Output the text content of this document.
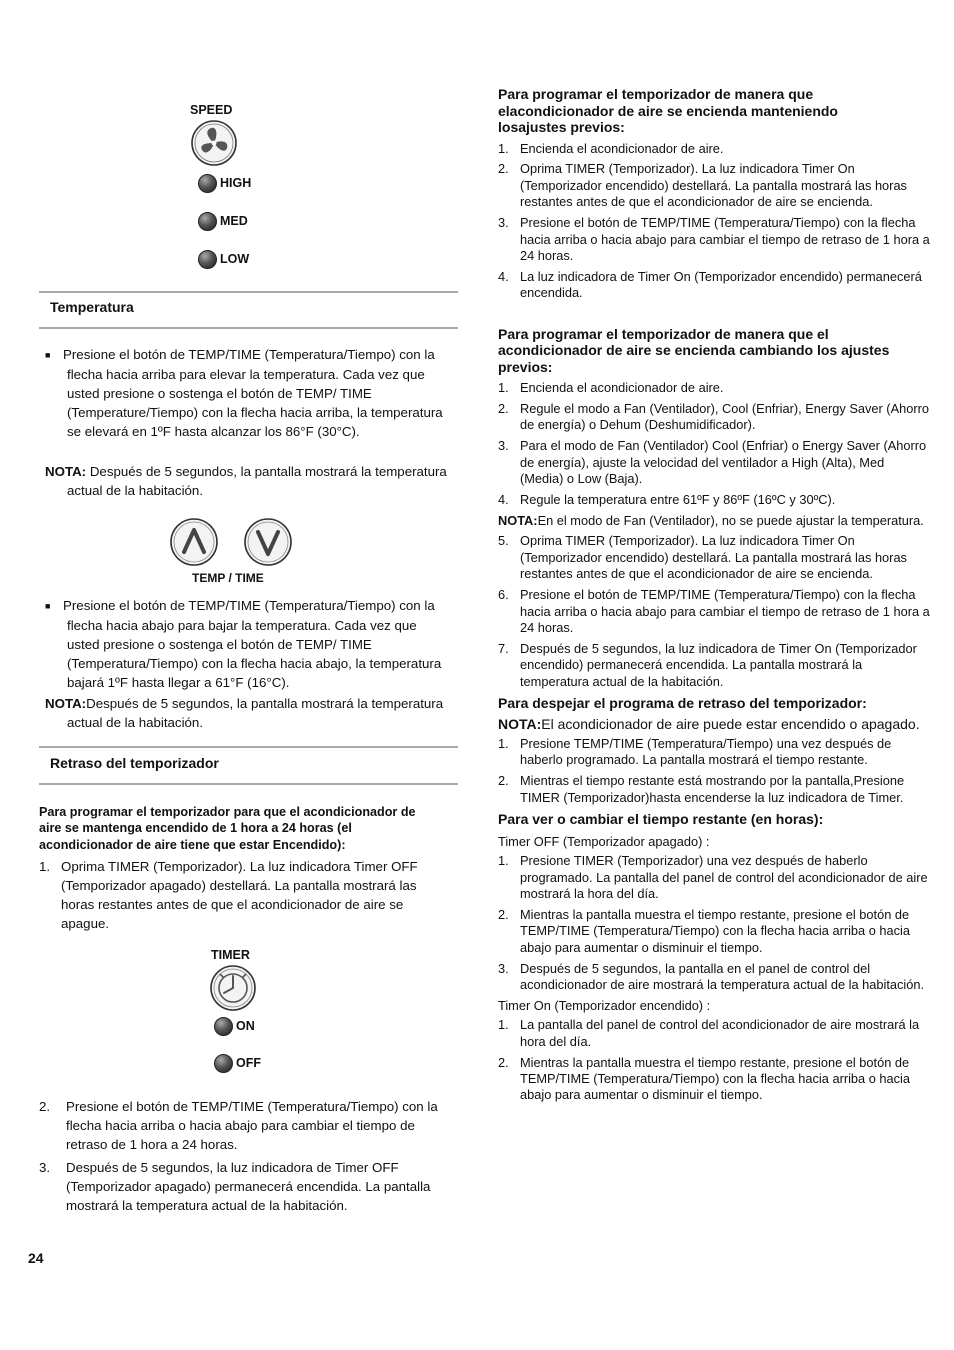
SPEED
HIGH
MED
LOW
Temperatura
■ Presione el botón de TEMP/TIME (Temperatura/Tiempo) con la flecha hacia arriba para elevar la temperatura. Cada vez que usted presione o sostenga el botón de TEMP/ TIME (Temperature/Tiempo) con la flecha hacia arriba, la temperatura se elevará en 1ºF hasta alcanzar los 86°F (30°C).
NOTA: Después de 5 segundos, la pantalla mostrará la temperatura actual de la habitación.
TEMP / TIME
■ Presione el botón de TEMP/TIME (Temperatura/Tiempo) con la flecha hacia abajo para bajar la temperatura. Cada vez que usted presione o sostenga el botón de TEMP/ TIME (Temperatura/Tiempo) con la flecha hacia abajo, la temperatura bajará 1ºF hasta llegar a 61°F (16°C).
NOTA:Después de 5 segundos, la pantalla mostrará la temperatura actual de la habitación.
Retraso del temporizador
Para programar el temporizador para que el acondicionador de aire se mantenga encendido de 1 hora a 24 horas (el acondicionador de aire tiene que estar Encendido):
1. Oprima TIMER (Temporizador). La luz indicadora Timer OFF (Temporizador apagado) destellará. La pantalla mostrará las horas restantes antes de que el acondicionador de aire se apague.
TIMER
ON
OFF
2. Presione el botón de TEMP/TIME (Temperatura/Tiempo) con la flecha hacia arriba o hacia abajo para cambiar el tiempo de retraso de 1 hora a 24 horas.
3. Después de 5 segundos, la luz indicadora de Timer OFF (Temporizador apagado) permanecerá encendida. La pantalla mostrará la temperatura actual de la habitación.
24
Para programar el temporizador de manera que elacondicionador de aire se encienda manteniendo losajustes previos:
1. Encienda el acondicionador de aire.
2. Oprima TIMER (Temporizador). La luz indicadora Timer On (Temporizador encendido) destellará. La pantalla mostrará las horas restantes antes de que el acondicionador de aire se encienda.
3. Presione el botón de TEMP/TIME (Temperatura/Tiempo) con la flecha hacia arriba o hacia abajo para cambiar el tiempo de retraso de 1 hora a 24 horas.
4. La luz indicadora de Timer On (Temporizador encendido) permanecerá encendida.
Para programar el temporizador de manera que el acondicionador de aire se encienda cambiando los ajustes previos:
1. Encienda el acondicionador de aire.
2. Regule el modo a Fan (Ventilador), Cool (Enfriar), Energy Saver (Ahorro de energía) o Dehum (Deshumidificador).
3. Para el modo de Fan (Ventilador) Cool (Enfriar) o Energy Saver (Ahorro de energía), ajuste la velocidad del ventilador a High (Alta), Med (Media) o Low (Baja).
4. Regule la temperatura entre 61ºF y 86ºF (16ºC y 30ºC).
NOTA:En el modo de Fan (Ventilador), no se puede ajustar la temperatura.
5. Oprima TIMER (Temporizador). La luz indicadora Timer On (Temporizador encendido) destellará. La pantalla mostrará las horas restantes antes de que el acondicionador de aire se encienda.
6. Presione el botón de TEMP/TIME (Temperatura/Tiempo) con la flecha hacia arriba o hacia abajo para cambiar el tiempo de retraso de 1 hora a 24 horas.
7. Después de 5 segundos, la luz indicadora de Timer On (Temporizador encendido) permanecerá encendida. La pantalla mostrará la temperatura actual de la habitación.
Para despejar el programa de retraso del temporizador:
NOTA:El acondicionador de aire puede estar encendido o apagado.
1. Presione TEMP/TIME (Temperatura/Tiempo) una vez después de haberlo programado. La pantalla mostrará el tiempo restante.
2. Mientras el tiempo restante está mostrando por la pantalla,Presione TIMER (Temporizador)hasta encenderse la luz indicadora de Timer.
Para ver o cambiar el tiempo restante (en horas):
Timer OFF (Temporizador apagado) :
1. Presione TIMER (Temporizador) una vez después de haberlo programado. La pantalla del panel de control del acondicionador de aire mostrará la hora del día.
2. Mientras la pantalla muestra el tiempo restante, presione el botón de TEMP/TIME (Temperatura/Tiempo) con la flecha hacia arriba o hacia abajo para aumentar o disminuir el tiempo.
3. Después de 5 segundos, la pantalla en el panel de control del acondicionador de aire mostrará la temperatura actual de la habitación.
Timer On (Temporizador encendido) :
1. La pantalla del panel de control del acondicionador de aire mostrará la hora del día.
2. Mientras la pantalla muestra el tiempo restante, presione el botón de TEMP/TIME (Temperatura/Tiempo) con la flecha hacia arriba o hacia abajo para aumentar o disminuir el tiempo.
